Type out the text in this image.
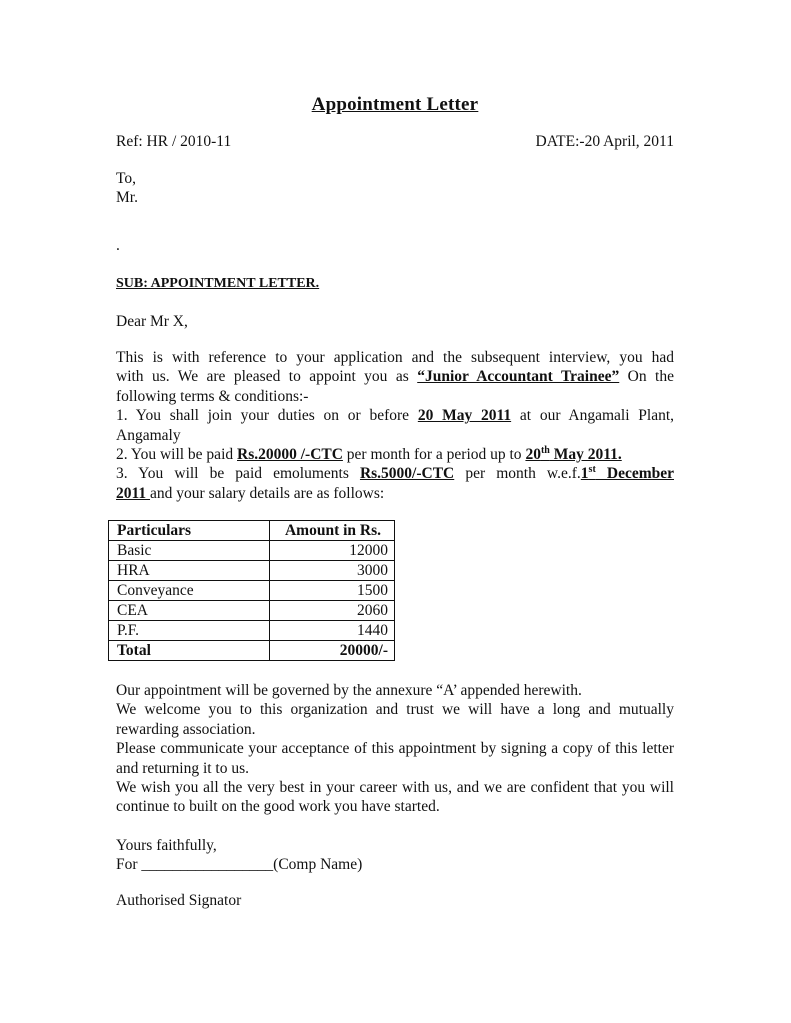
Appointment Letter
Ref: HR / 2010-11	DATE:-20 April, 2011
To,
Mr.
.
SUB: APPOINTMENT LETTER.
Dear Mr X,
This is with reference to your application and the subsequent interview, you had
with us. We are pleased to appoint you as “Junior Accountant Trainee” On the
following terms & conditions:-
1. You shall join your duties on or before 20 May 2011 at our Angamali Plant,
Angamaly
2. You will be paid Rs.20000 /-CTC per month for a period up to 20th May 2011.
3. You will be paid emoluments Rs.5000/-CTC per month w.e.f.1st December
2011 and your salary details are as follows:
Particulars	Amount in Rs.
Basic	12000
HRA	3000
Conveyance	1500
CEA	2060
P.F.	1440
Total	20000/-

Our appointment will be governed by the annexure “A’ appended herewith.

We welcome you to this organization and trust we will have a long and mutually rewarding association.

Please communicate your acceptance of this appointment by signing a copy of this letter and returning it to us.

We wish you all the very best in your career with us, and we are confident that you will continue to built on the good work you have started.

Yours faithfully,
For _________________(Comp Name)
Authorised Signator
